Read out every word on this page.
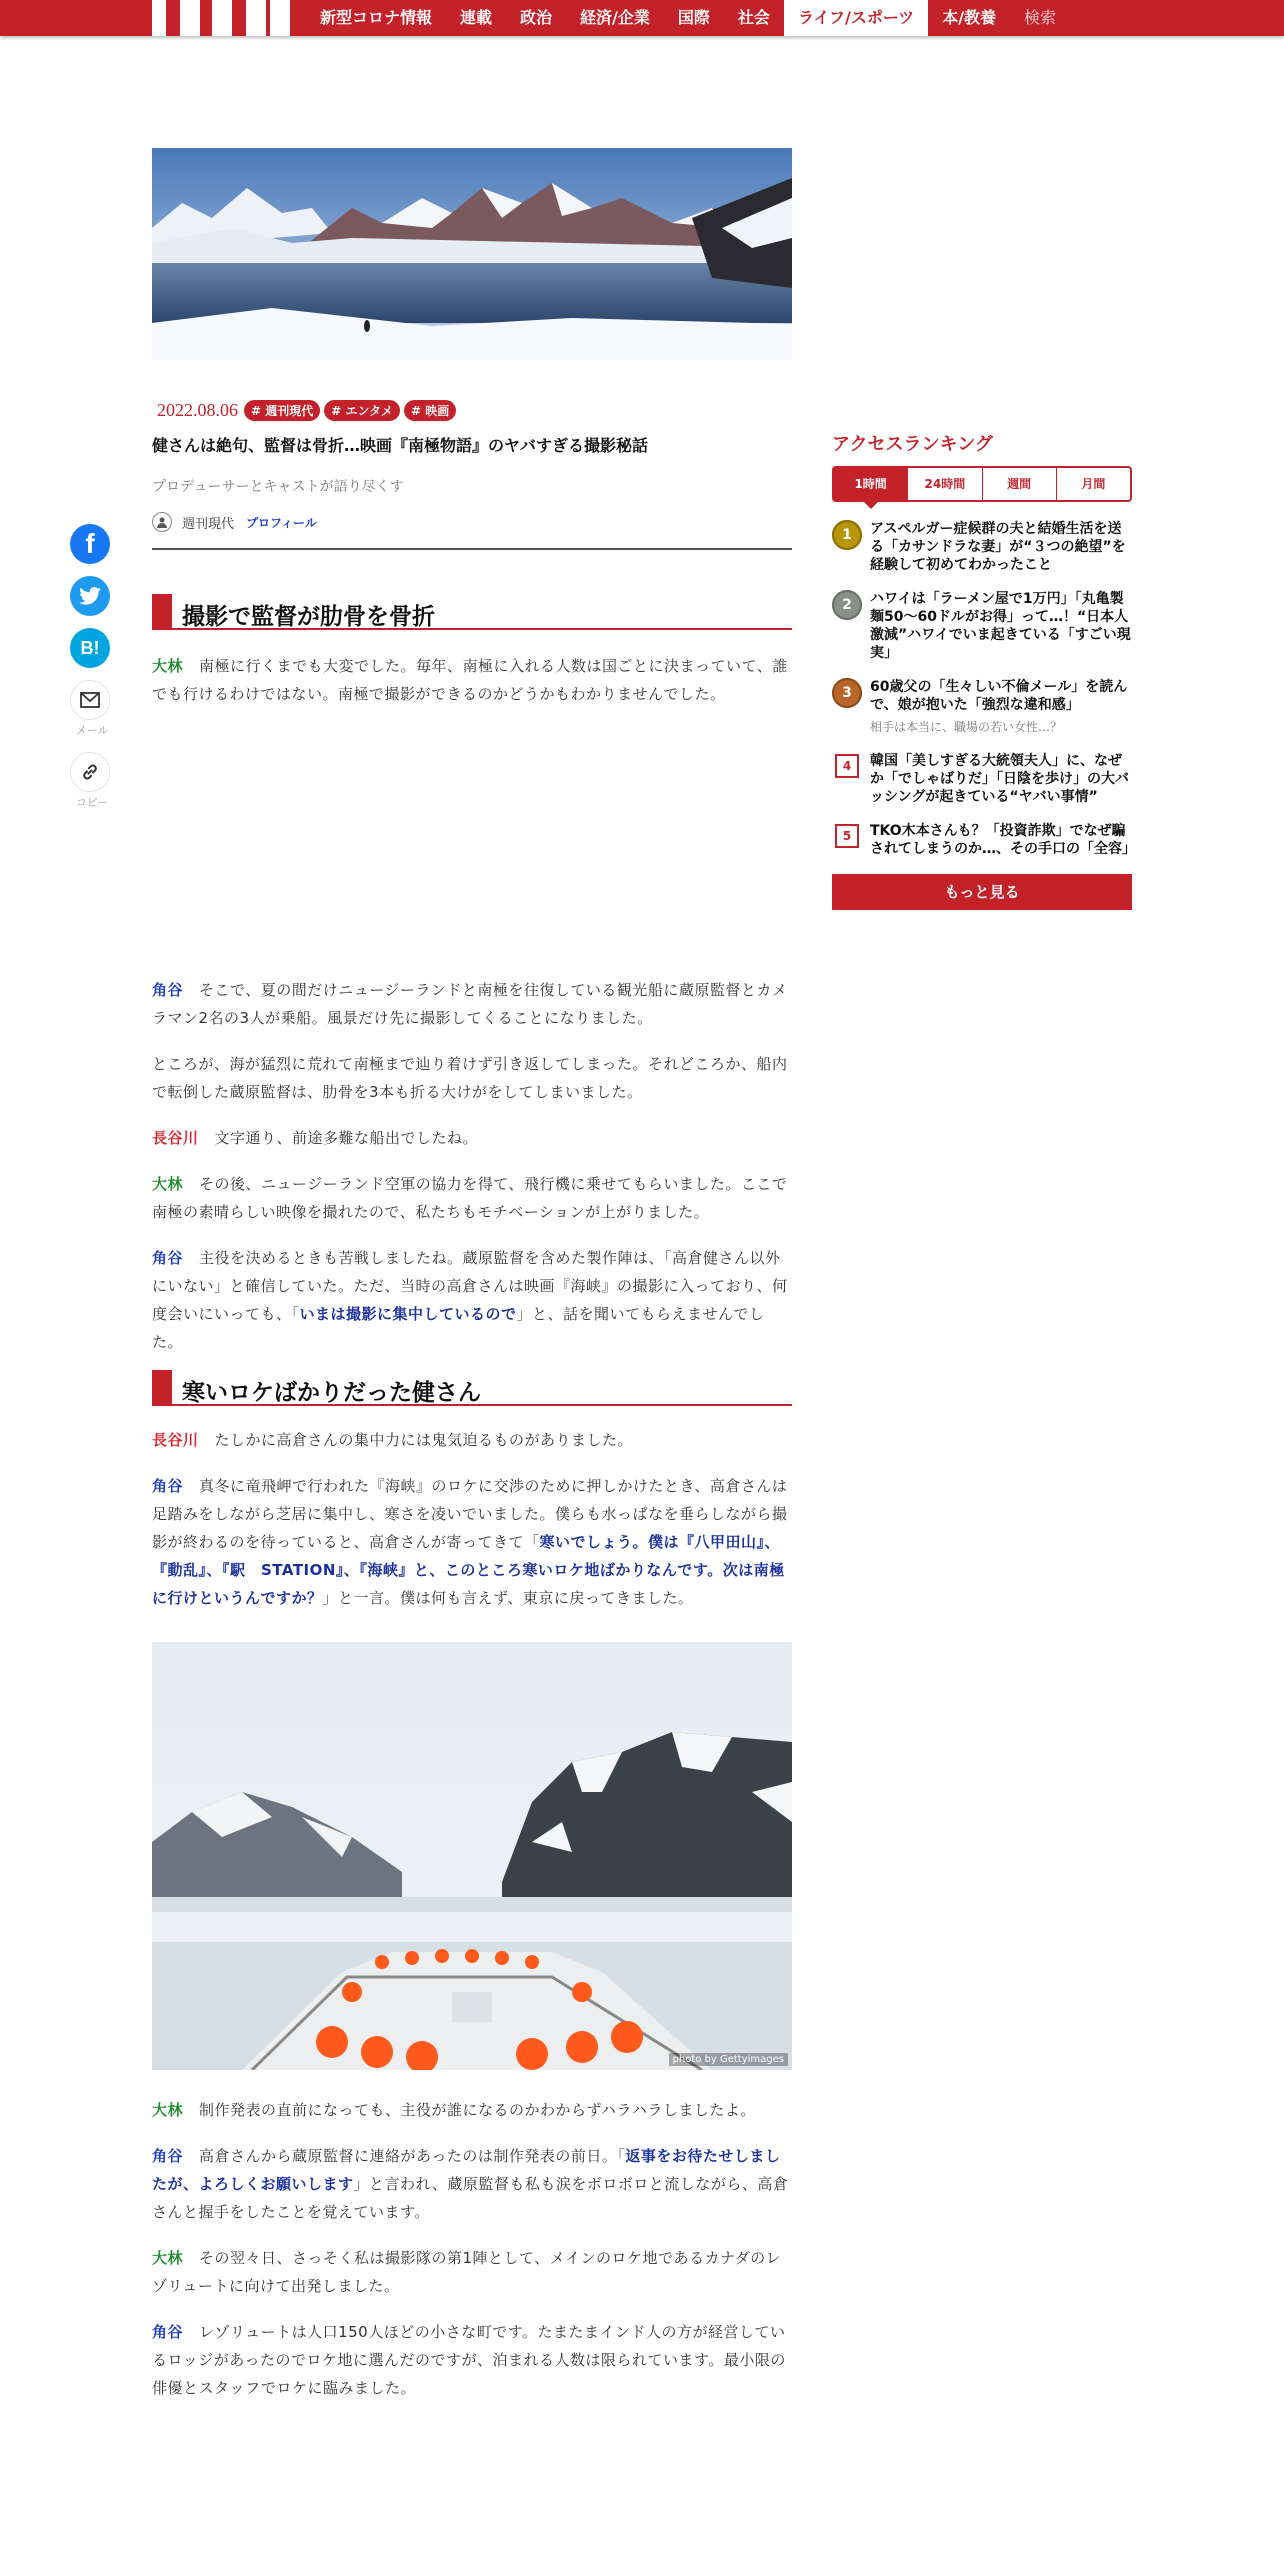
新型コロナ情報	連載	政治	経済/企業	国際	社会	ライフ/スポーツ	本/教養	検索
f
B!
メール
コピー
2022.08.06	# 週刊現代	# エンタメ	# 映画
健さんは絶句、監督は骨折…映画『南極物語』のヤバすぎる撮影秘話
プロデューサーとキャストが語り尽くす
週刊現代 プロフィール
撮影で監督が肋骨を骨折

大林 南極に行くまでも大変でした。毎年、南極に入れる人数は国ごとに決まっていて、誰でも行けるわけではない。南極で撮影ができるのかどうかもわかりませんでした。

角谷 そこで、夏の間だけニュージーランドと南極を往復している観光船に蔵原監督とカメラマン2名の3人が乗船。風景だけ先に撮影してくることになりました。

ところが、海が猛烈に荒れて南極まで辿り着けず引き返してしまった。それどころか、船内で転倒した蔵原監督は、肋骨を3本も折る大けがをしてしまいました。

長谷川 文字通り、前途多難な船出でしたね。

大林 その後、ニュージーランド空軍の協力を得て、飛行機に乗せてもらいました。ここで南極の素晴らしい映像を撮れたので、私たちもモチベーションが上がりました。

角谷 主役を決めるときも苦戦しましたね。蔵原監督を含めた製作陣は、「高倉健さん以外にいない」と確信していた。ただ、当時の高倉さんは映画『海峡』の撮影に入っており、何度会いにいっても、「いまは撮影に集中しているので」と、話を聞いてもらえませんでした。

寒いロケばかりだった健さん

長谷川 たしかに高倉さんの集中力には鬼気迫るものがありました。

角谷 真冬に竜飛岬で行われた『海峡』のロケに交渉のために押しかけたとき、高倉さんは足踏みをしながら芝居に集中し、寒さを凌いでいました。僕らも水っぱなを垂らしながら撮影が終わるのを待っていると、高倉さんが寄ってきて「寒いでしょう。僕は『八甲田山』、『動乱』、『駅　STATION』、『海峡』と、このところ寒いロケ地ばかりなんです。次は南極に行けというんですか？」と一言。僕は何も言えず、東京に戻ってきました。

photo by Gettyimages

大林 制作発表の直前になっても、主役が誰になるのかわからずハラハラしましたよ。

角谷 高倉さんから蔵原監督に連絡があったのは制作発表の前日。「返事をお待たせしましたが、よろしくお願いします」と言われ、蔵原監督も私も涙をボロボロと流しながら、高倉さんと握手をしたことを覚えています。

大林 その翌々日、さっそく私は撮影隊の第1陣として、メインのロケ地であるカナダのレゾリュートに向けて出発しました。

角谷 レゾリュートは人口150人ほどの小さな町です。たまたまインド人の方が経営しているロッジがあったのでロケ地に選んだのですが、泊まれる人数は限られています。最小限の俳優とスタッフでロケに臨みました。

アクセスランキング
1時間	24時間	週間	月間
1	アスペルガー症候群の夫と結婚生活を送る「カサンドラな妻」が“３つの絶望”を経験して初めてわかったこと
2	ハワイは「ラーメン屋で1万円」「丸亀製麺50～60ドルがお得」って…！“日本人激減”ハワイでいま起きている「すごい現実」
3	60歳父の「生々しい不倫メール」を読んで、娘が抱いた「強烈な違和感」
相手は本当に、職場の若い女性…？
4	韓国「美しすぎる大統領夫人」に、なぜか「でしゃばりだ」「日陰を歩け」の大バッシングが起きている“ヤバい事情”
5	TKO木本さんも？「投資詐欺」でなぜ騙されてしまうのか…、その手口の「全容」
もっと見る
